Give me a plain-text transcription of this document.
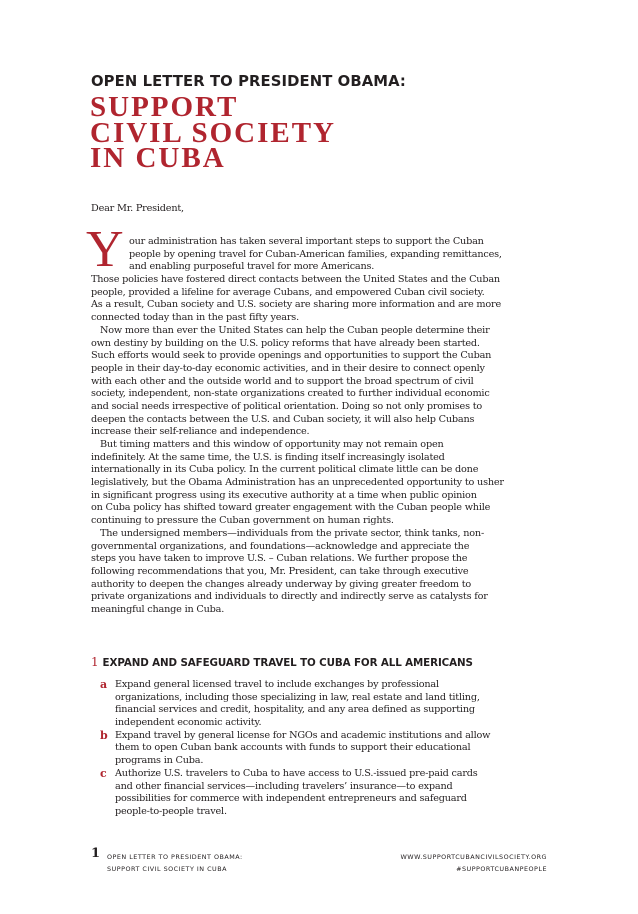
OPEN LETTER TO PRESIDENT OBAMA:
SUPPORT
CIVIL SOCIETY
IN CUBA
Dear Mr. President,
Y our administration has taken several important steps to support the Cuban
people by opening travel for Cuban-American families, expanding remittances,
and enabling purposeful travel for more Americans.
Those policies have fostered direct contacts between the United States and the Cuban
people, provided a lifeline for average Cubans, and empowered Cuban civil society.
As a result, Cuban society and U.S. society are sharing more information and are more
connected today than in the past fifty years.
Now more than ever the United States can help the Cuban people determine their
own destiny by building on the U.S. policy reforms that have already been started.
Such efforts would seek to provide openings and opportunities to support the Cuban
people in their day-to-day economic activities, and in their desire to connect openly
with each other and the outside world and to support the broad spectrum of civil
society, independent, non-state organizations created to further individual economic
and social needs irrespective of political orientation. Doing so not only promises to
deepen the contacts between the U.S. and Cuban society, it will also help Cubans
increase their self-reliance and independence.
But timing matters and this window of opportunity may not remain open
indefinitely. At the same time, the U.S. is finding itself increasingly isolated
internationally in its Cuba policy. In the current political climate little can be done
legislatively, but the Obama Administration has an unprecedented opportunity to usher
in significant progress using its executive authority at a time when public opinion
on Cuba policy has shifted toward greater engagement with the Cuban people while
continuing to pressure the Cuban government on human rights.
The undersigned members—individuals from the private sector, think tanks, non-
governmental organizations, and foundations—acknowledge and appreciate the
steps you have taken to improve U.S. – Cuban relations. We further propose the
following recommendations that you, Mr. President, can take through executive
authority to deepen the changes already underway by giving greater freedom to
private organizations and individuals to directly and indirectly serve as catalysts for
meaningful change in Cuba.
1 EXPAND AND SAFEGUARD TRAVEL TO CUBA FOR ALL AMERICANS
a Expand general licensed travel to include exchanges by professional
organizations, including those specializing in law, real estate and land titling,
financial services and credit, hospitality, and any area defined as supporting
independent economic activity.
b Expand travel by general license for NGOs and academic institutions and allow
them to open Cuban bank accounts with funds to support their educational
programs in Cuba.
c Authorize U.S. travelers to Cuba to have access to U.S.-issued pre-paid cards
and other financial services—including travelers’ insurance—to expand
possibilities for commerce with independent entrepreneurs and safeguard
people-to-people travel.
1 OPEN LETTER TO PRESIDENT OBAMA:
SUPPORT CIVIL SOCIETY IN CUBA
WWW.SUPPORTCUBANCIVILSOCIETY.ORG
#SUPPORTCUBANPEOPLE
